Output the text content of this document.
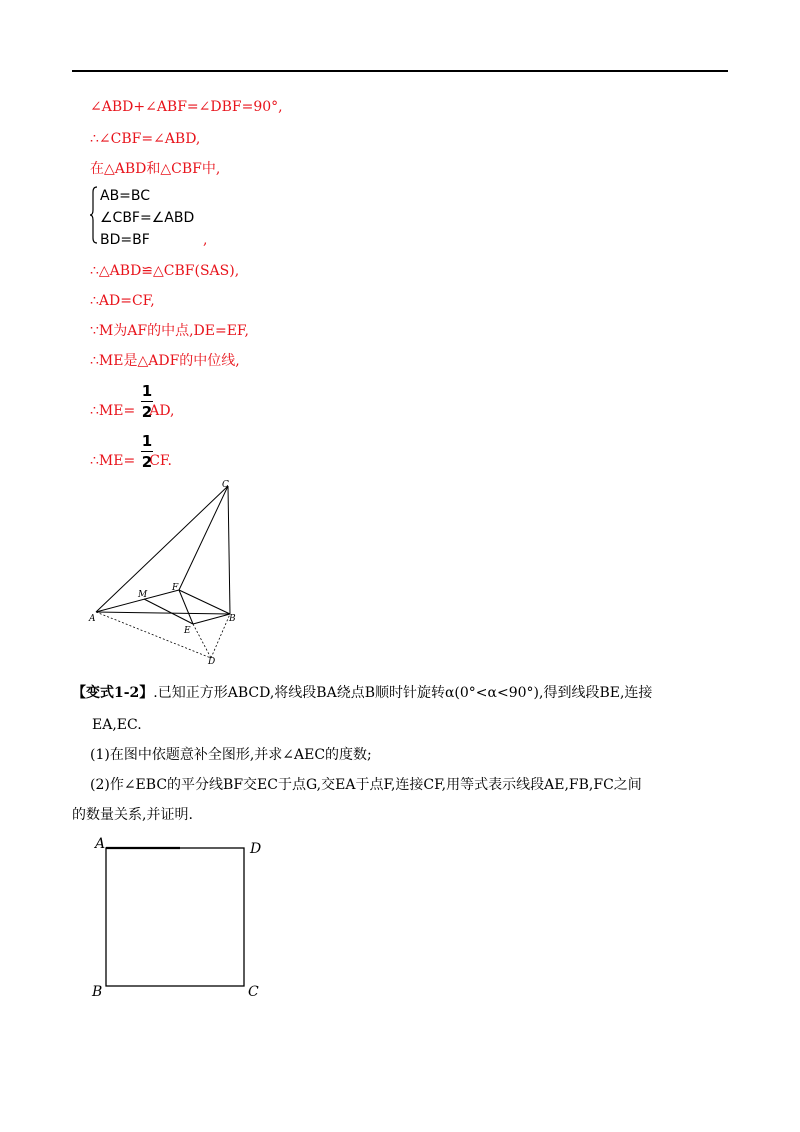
∠ABD+∠ABF=∠DBF=90°,
∴∠CBF=∠ABD,
在△ABD和△CBF中,
AB=BC
∠CBF=∠ABD
BD=BF	,
∴△ABD≌△CBF(SAS),
∴AD=CF,
∵M为AF的中点,DE=EF,
∴ME是△ADF的中位线,
∴ME= AD,
1
2
∴ME= CF.
1
2
C
A	B
M
F
E
D
【变式1-2】.已知正方形ABCD,将线段BA绕点B顺时针旋转α(0°<α<90°),得到线段BE,连接
EA,EC.
(1)在图中依题意补全图形,并求∠AEC的度数;
(2)作∠EBC的平分线BF交EC于点G,交EA于点F,连接CF,用等式表示线段AE,FB,FC之间
的数量关系,并证明.
A	D
B	C
